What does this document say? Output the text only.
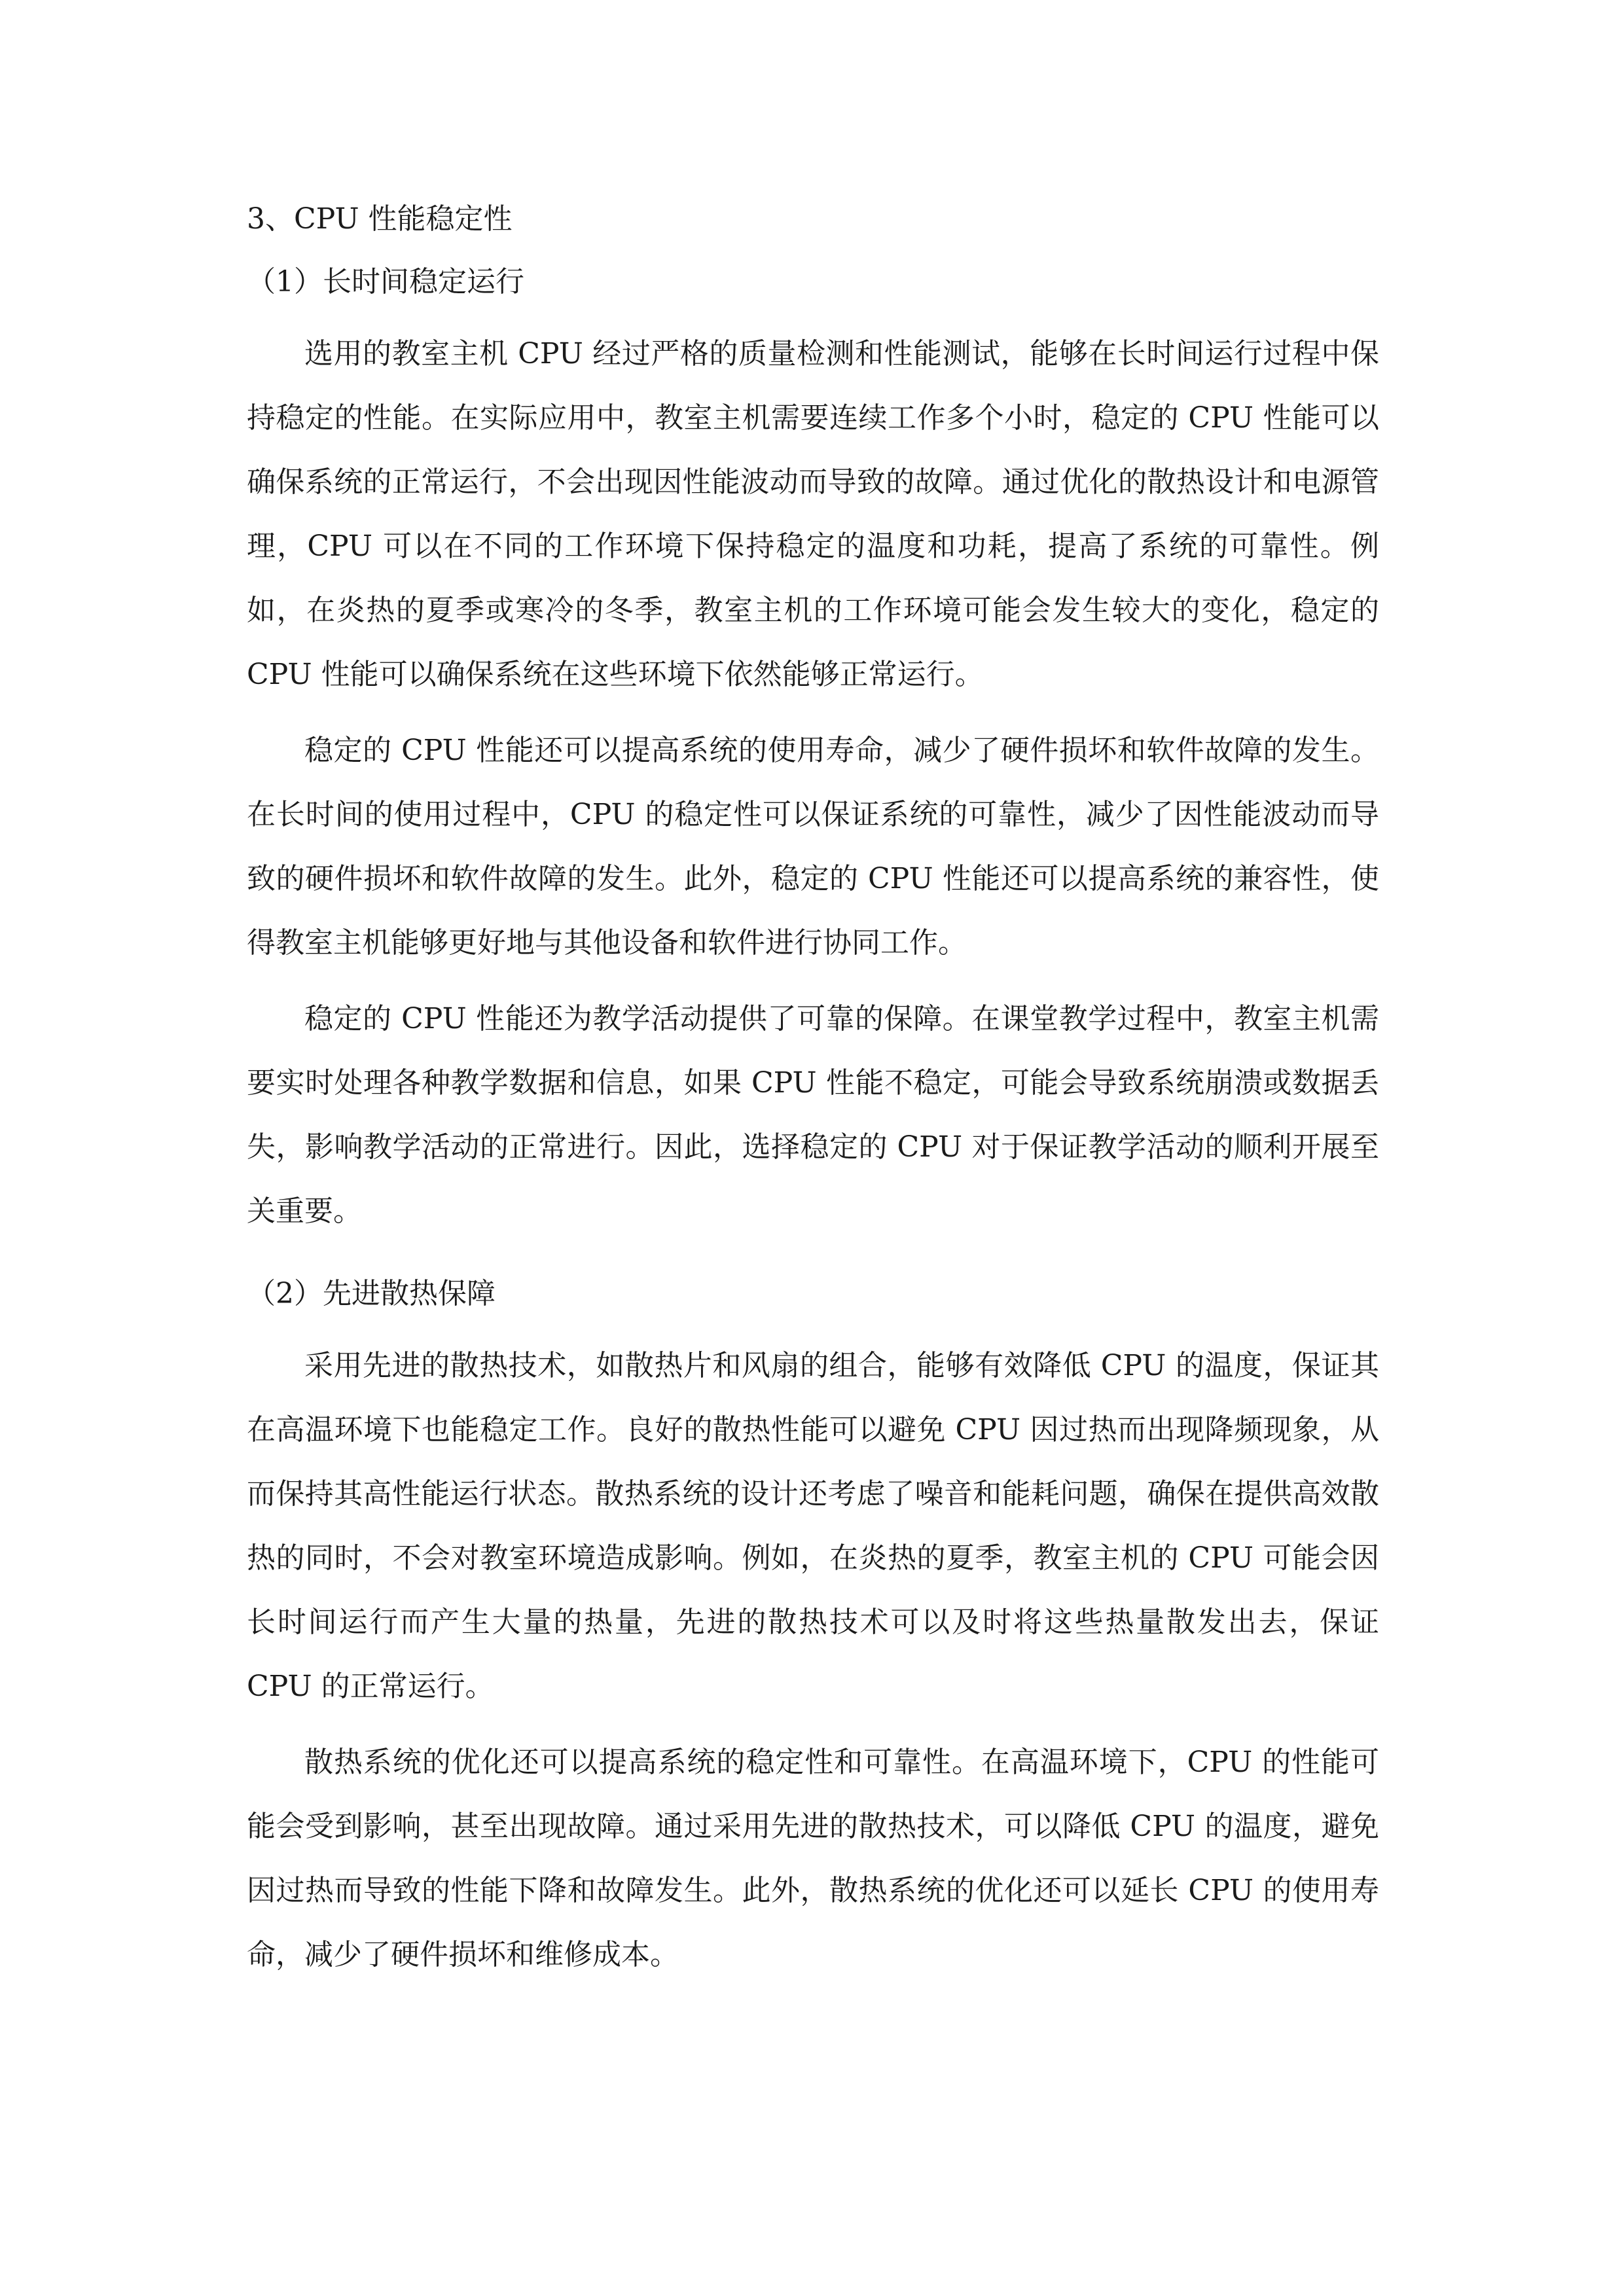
3、CPU 性能稳定性
（1）长时间稳定运行

选用的教室主机 CPU 经过严格的质量检测和性能测试，能够在长时间运行过程中保持稳定的性能。在实际应用中，教室主机需要连续工作多个小时，稳定的 CPU 性能可以确保系统的正常运行，不会出现因性能波动而导致的故障。通过优化的散热设计和电源管理，CPU 可以在不同的工作环境下保持稳定的温度和功耗，提高了系统的可靠性。例如，在炎热的夏季或寒冷的冬季，教室主机的工作环境可能会发生较大的变化，稳定的 CPU 性能可以确保系统在这些环境下依然能够正常运行。

稳定的 CPU 性能还可以提高系统的使用寿命，减少了硬件损坏和软件故障的发生。在长时间的使用过程中，CPU 的稳定性可以保证系统的可靠性，减少了因性能波动而导致的硬件损坏和软件故障的发生。此外，稳定的 CPU 性能还可以提高系统的兼容性，使得教室主机能够更好地与其他设备和软件进行协同工作。

稳定的 CPU 性能还为教学活动提供了可靠的保障。在课堂教学过程中，教室主机需要实时处理各种教学数据和信息，如果 CPU 性能不稳定，可能会导致系统崩溃或数据丢失，影响教学活动的正常进行。因此，选择稳定的 CPU 对于保证教学活动的顺利开展至关重要。

（2）先进散热保障

采用先进的散热技术，如散热片和风扇的组合，能够有效降低 CPU 的温度，保证其在高温环境下也能稳定工作。良好的散热性能可以避免 CPU 因过热而出现降频现象，从而保持其高性能运行状态。散热系统的设计还考虑了噪音和能耗问题，确保在提供高效散热的同时，不会对教室环境造成影响。例如，在炎热的夏季，教室主机的 CPU 可能会因长时间运行而产生大量的热量，先进的散热技术可以及时将这些热量散发出去，保证 CPU 的正常运行。

散热系统的优化还可以提高系统的稳定性和可靠性。在高温环境下，CPU 的性能可能会受到影响，甚至出现故障。通过采用先进的散热技术，可以降低 CPU 的温度，避免因过热而导致的性能下降和故障发生。此外，散热系统的优化还可以延长 CPU 的使用寿命，减少了硬件损坏和维修成本。
